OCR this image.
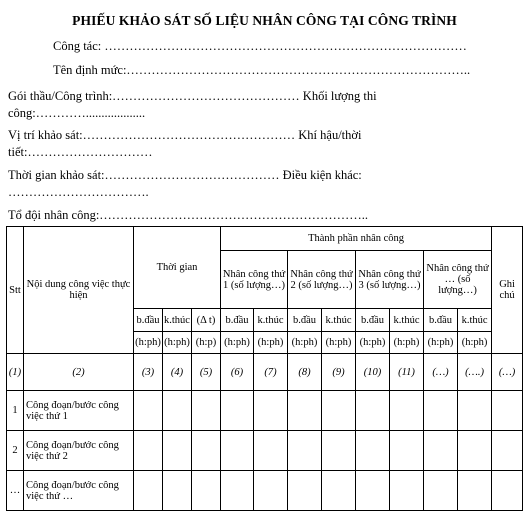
PHIẾU KHẢO SÁT SỐ LIỆU NHÂN CÔNG TẠI CÔNG TRÌNH
Công tác: ……………………………………………………………………………
Tên định mức:………………………………………………………………………..
Gói thầu/Công trình:……………………………………… Khối lượng thi
công:…………...................
Vị trí khảo sát:…………………………………………… Khí hậu/thời
tiết:…………………………
Thời gian khảo sát:…………………………………… Điều kiện khác:
…………………………….
Tổ đội nhân công:………………………………………………………..
Stt	Nội dung công việc thực hiện	Thời gian			Thành phần nhân công								Ghi chú
					Nhân công thứ 1 (số lượng…)		Nhân công thứ 2 (số lượng…)		Nhân công thứ 3 (số lượng…)		Nhân công thứ … (số lượng…)		
		b.đầu	k.thúc	(Δ t)	b.đầu	k.thúc	b.đầu	k.thúc	b.đầu	k.thúc	b.đầu	k.thúc	
		(h:ph)	(h:ph)	(h:p)	(h:ph)	(h:ph)	(h:ph)	(h:ph)	(h:ph)	(h:ph)	(h:ph)	(h:ph)	
(1)	(2)	(3)	(4)	(5)	(6)	(7)	(8)	(9)	(10)	(11)	(…)	(….)	(…)
1	Công đoạn/bước công việc thứ 1												
2	Công đoạn/bước công việc thứ 2												
…	Công đoạn/bước công việc thứ …												
